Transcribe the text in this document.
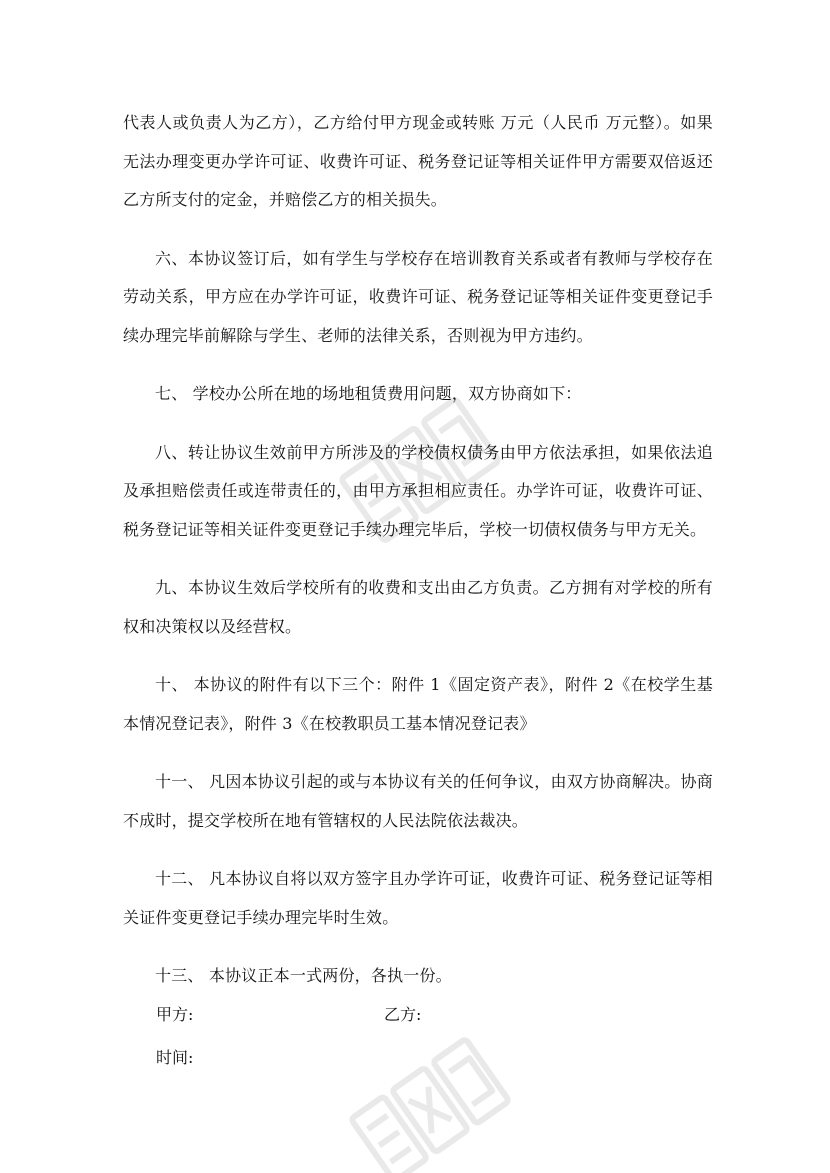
代表人或负责人为乙方），乙方给付甲方现金或转账 万元（人民币 万元整）。如果无法办理变更办学许可证、收费许可证、税务登记证等相关证件甲方需要双倍返还乙方所支付的定金，并赔偿乙方的相关损失。

六、本协议签订后，如有学生与学校存在培训教育关系或者有教师与学校存在劳动关系，甲方应在办学许可证，收费许可证、税务登记证等相关证件变更登记手续办理完毕前解除与学生、老师的法律关系，否则视为甲方违约。

七、 学校办公所在地的场地租赁费用问题，双方协商如下：

八、转让协议生效前甲方所涉及的学校债权债务由甲方依法承担，如果依法追及承担赔偿责任或连带责任的，由甲方承担相应责任。办学许可证，收费许可证、税务登记证等相关证件变更登记手续办理完毕后，学校一切债权债务与甲方无关。

九、本协议生效后学校所有的收费和支出由乙方负责。乙方拥有对学校的所有权和决策权以及经营权。

十、 本协议的附件有以下三个：附件 1《固定资产表》，附件 2《在校学生基本情况登记表》，附件 3《在校教职员工基本情况登记表》

十一、 凡因本协议引起的或与本协议有关的任何争议，由双方协商解决。协商不成时，提交学校所在地有管辖权的人民法院依法裁决。

十二、 凡本协议自将以双方签字且办学许可证，收费许可证、税务登记证等相关证件变更登记手续办理完毕时生效。

十三、 本协议正本一式两份，各执一份。

甲方:	乙方:
时间:
